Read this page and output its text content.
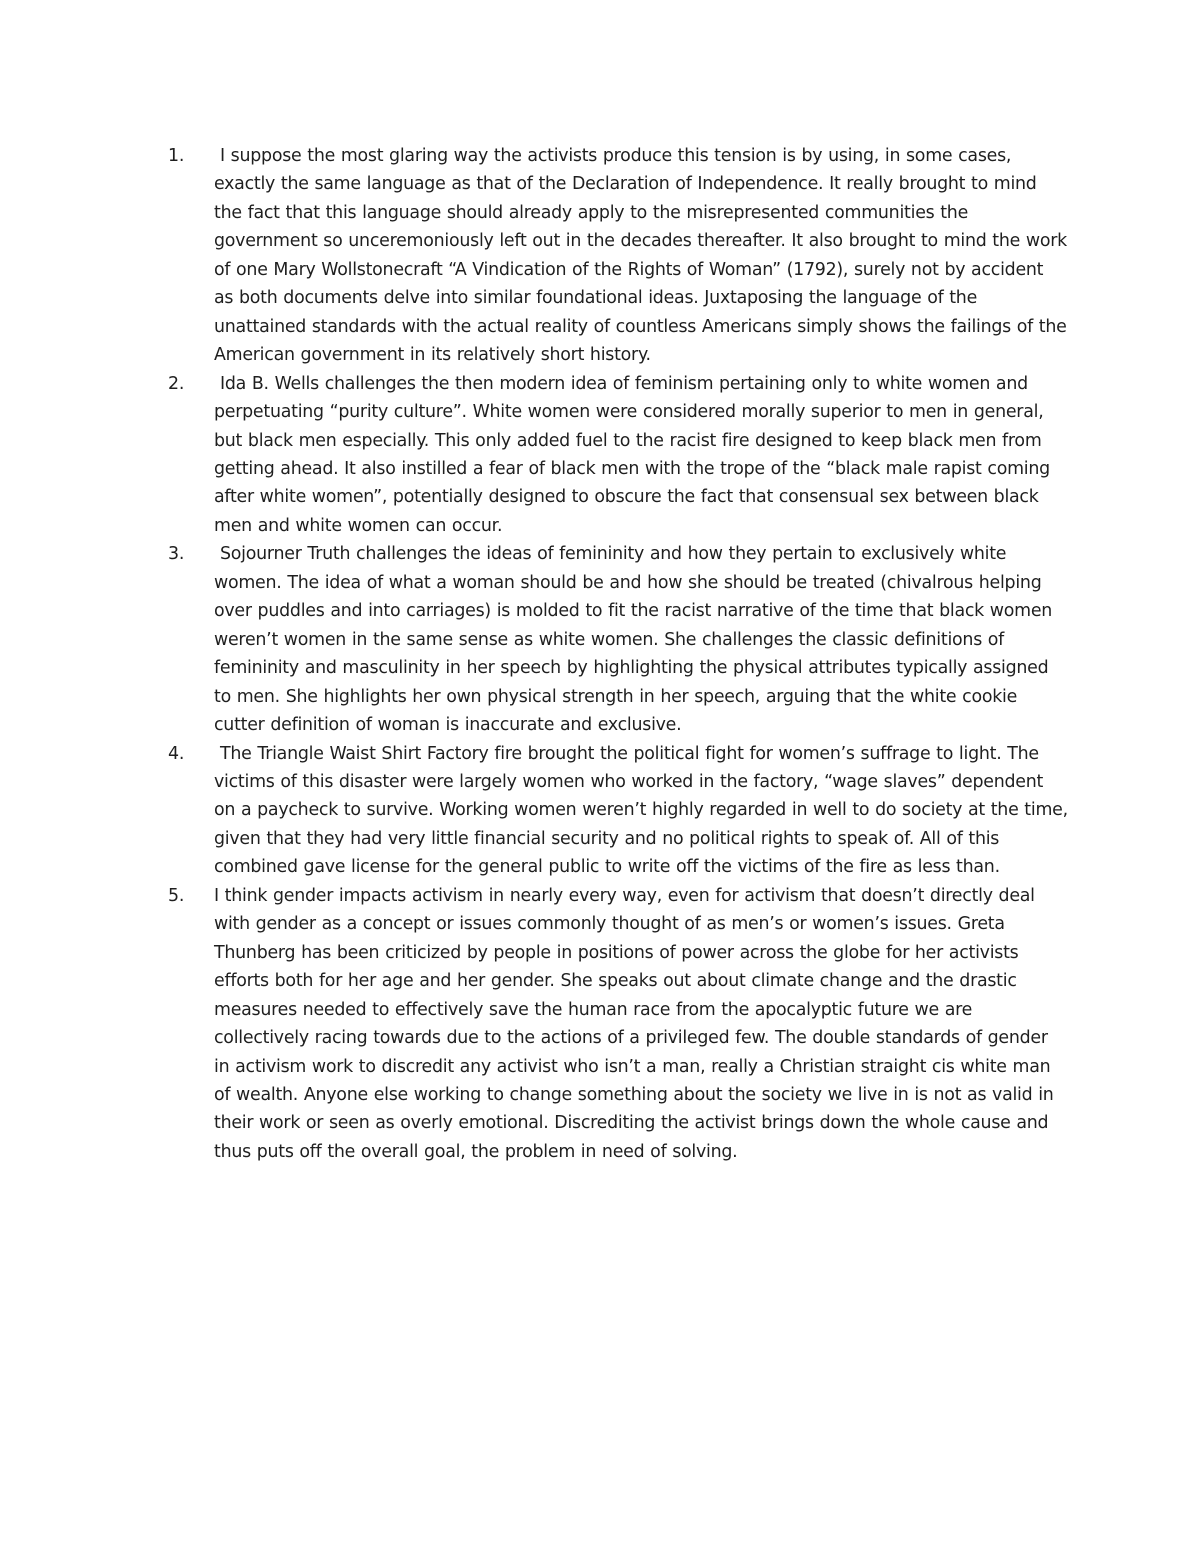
1.	I suppose the most glaring way the activists produce this tension is by using, in some cases, exactly the same language as that of the Declaration of Independence. It really brought to mind the fact that this language should already apply to the misrepresented communities the government so unceremoniously left out in the decades thereafter. It also brought to mind the work of one Mary Wollstonecraft “A Vindication of the Rights of Woman” (1792), surely not by accident as both documents delve into similar foundational ideas. Juxtaposing the language of the unattained standards with the actual reality of countless Americans simply shows the failings of the American government in its relatively short history.
2.	Ida B. Wells challenges the then modern idea of feminism pertaining only to white women and perpetuating “purity culture”. White women were considered morally superior to men in general, but black men especially. This only added fuel to the racist fire designed to keep black men from getting ahead. It also instilled a fear of black men with the trope of the “black male rapist coming after white women”, potentially designed to obscure the fact that consensual sex between black men and white women can occur.
3.	Sojourner Truth challenges the ideas of femininity and how they pertain to exclusively white women. The idea of what a woman should be and how she should be treated (chivalrous helping over puddles and into carriages) is molded to fit the racist narrative of the time that black women weren’t women in the same sense as white women. She challenges the classic definitions of femininity and masculinity in her speech by highlighting the physical attributes typically assigned to men. She highlights her own physical strength in her speech, arguing that the white cookie cutter definition of woman is inaccurate and exclusive.
4.	The Triangle Waist Shirt Factory fire brought the political fight for women’s suffrage to light. The victims of this disaster were largely women who worked in the factory, “wage slaves” dependent on a paycheck to survive. Working women weren’t highly regarded in well to do society at the time, given that they had very little financial security and no political rights to speak of. All of this combined gave license for the general public to write off the victims of the fire as less than.
5.	I think gender impacts activism in nearly every way, even for activism that doesn’t directly deal with gender as a concept or issues commonly thought of as men’s or women’s issues. Greta Thunberg has been criticized by people in positions of power across the globe for her activists efforts both for her age and her gender. She speaks out about climate change and the drastic measures needed to effectively save the human race from the apocalyptic future we are collectively racing towards due to the actions of a privileged few. The double standards of gender in activism work to discredit any activist who isn’t a man, really a Christian straight cis white man of wealth. Anyone else working to change something about the society we live in is not as valid in their work or seen as overly emotional. Discrediting the activist brings down the whole cause and thus puts off the overall goal, the problem in need of solving.
